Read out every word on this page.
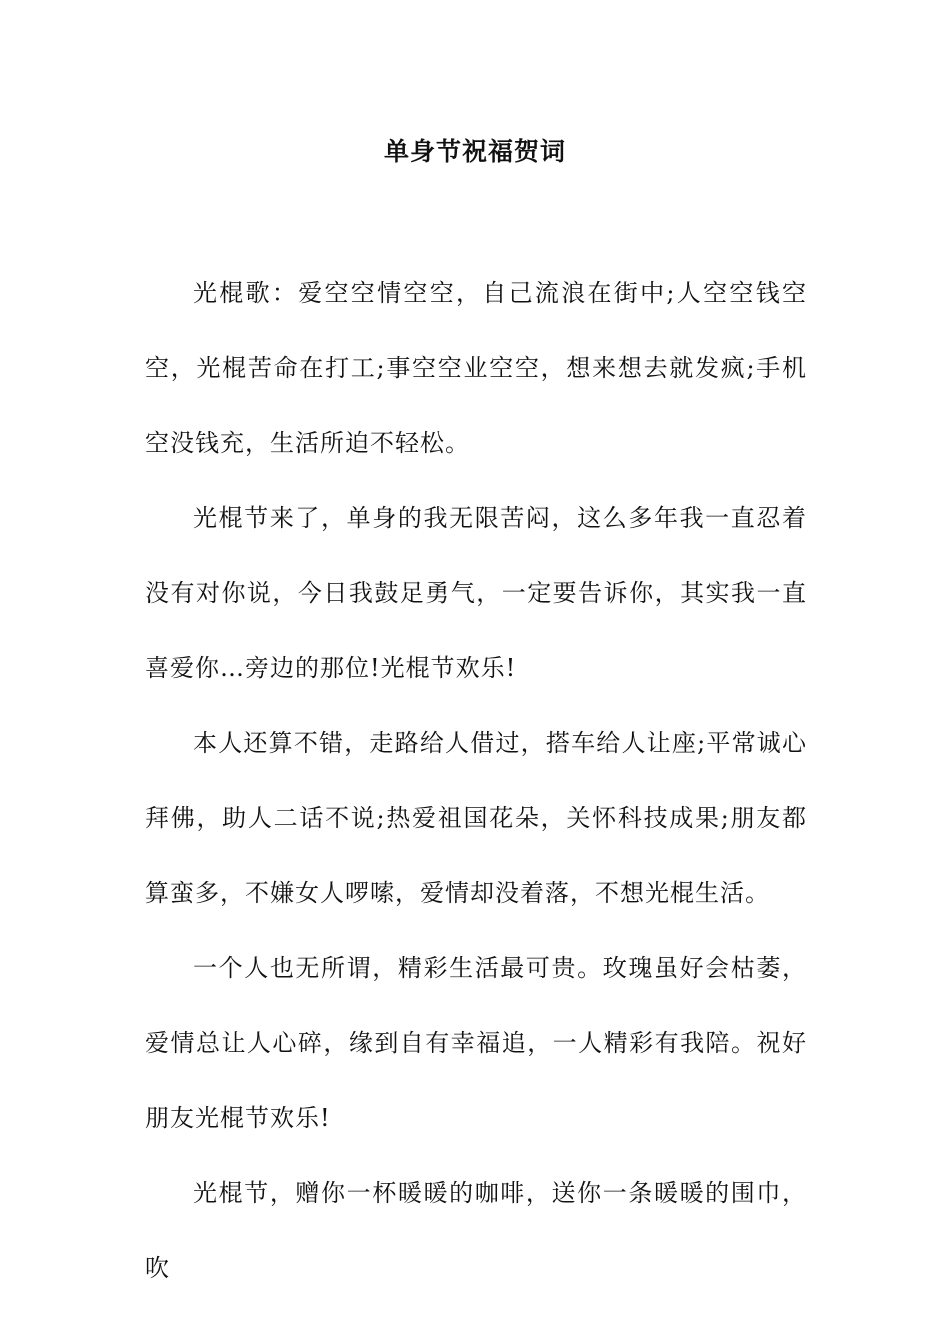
单身节祝福贺词

光棍歌：爱空空情空空，自己流浪在街中;人空空钱空空，光棍苦命在打工;事空空业空空，想来想去就发疯;手机空没钱充，生活所迫不轻松。

光棍节来了，单身的我无限苦闷，这么多年我一直忍着没有对你说，今日我鼓足勇气，一定要告诉你，其实我一直喜爱你…旁边的那位!光棍节欢乐!

本人还算不错，走路给人借过，搭车给人让座;平常诚心拜佛，助人二话不说;热爱祖国花朵，关怀科技成果;朋友都算蛮多，不嫌女人啰嗦，爱情却没着落，不想光棍生活。

一个人也无所谓，精彩生活最可贵。玫瑰虽好会枯萎，爱情总让人心碎，缘到自有幸福追，一人精彩有我陪。祝好朋友光棍节欢乐!

光棍节，赠你一杯暖暖的咖啡，送你一条暖暖的围巾，吹
